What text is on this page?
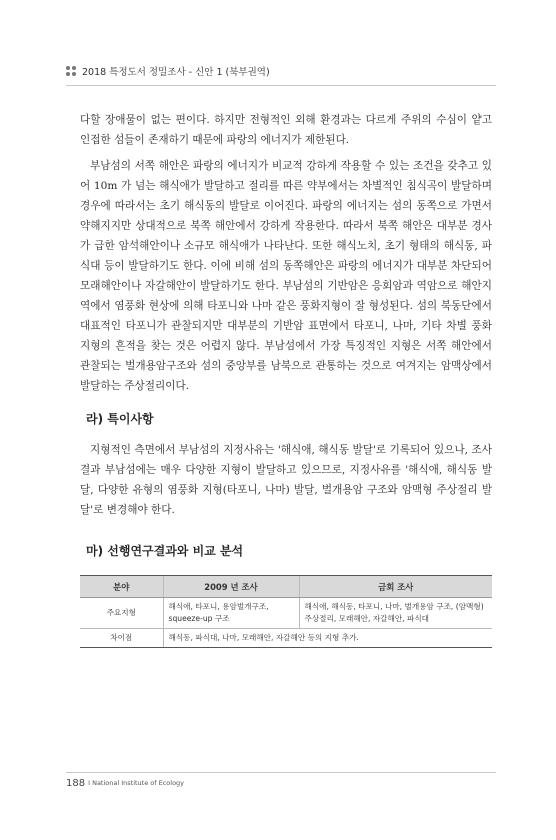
2018 특정도서 정밀조사 - 신안 1 (북부권역)

다할 장애물이 없는 편이다. 하지만 전형적인 외해 환경과는 다르게 주위의 수심이 얕고 인접한 섬들이 존재하기 때문에 파랑의 에너지가 제한된다.

부남섬의 서쪽 해안은 파랑의 에너지가 비교적 강하게 작용할 수 있는 조건을 갖추고 있어 10m 가 넘는 해식애가 발달하고 절리를 따른 약부에서는 차별적인 침식곡이 발달하며 경우에 따라서는 초기 해식동의 발달로 이어진다. 파랑의 에너지는 섬의 동쪽으로 가면서 약해지지만 상대적으로 북쪽 해안에서 강하게 작용한다. 따라서 북쪽 해안은 대부분 경사가 급한 암석해안이나 소규모 해식애가 나타난다. 또한 해식노치, 초기 형태의 해식동, 파식대 등이 발달하기도 한다. 이에 비해 섬의 동쪽해안은 파랑의 에너지가 대부분 차단되어 모래해안이나 자갈해안이 발달하기도 한다. 부남섬의 기반암은 응회암과 역암으로 해안지역에서 염풍화 현상에 의해 타포니와 나마 같은 풍화지형이 잘 형성된다. 섬의 북동단에서 대표적인 타포니가 관찰되지만 대부분의 기반암 표면에서 타포니, 나마, 기타 차별 풍화 지형의 흔적을 찾는 것은 어렵지 않다. 부남섬에서 가장 특징적인 지형은 서쪽 해안에서 관찰되는 벌개용암구조와 섬의 중앙부를 남북으로 관통하는 것으로 여겨지는 암맥상에서 발달하는 주상절리이다.

라) 특이사항

지형적인 측면에서 부남섬의 지정사유는 '해식애, 해식동 발달'로 기록되어 있으나, 조사 결과 부남섬에는 매우 다양한 지형이 발달하고 있으므로, 지정사유를 '해식애, 해식동 발달, 다양한 유형의 염풍화 지형(타포니, 나마) 발달, 벌개용암 구조와 암맥형 주상절리 발달'로 변경해야 한다.

마) 선행연구결과와 비교 분석
분야	2009 년 조사	금회 조사
주요지형	해식애, 타포니, 용암벌개구조, squeeze-up 구조	해식애, 해식동, 타포니, 나마, 벌개용암 구조, (암맥형) 주상절리, 모래해안, 자갈해안, 파식대
차이점	해식동, 파식대, 나마, 모래해안, 자갈해안 등의 지형 추가.	
188 I National Institute of Ecology
